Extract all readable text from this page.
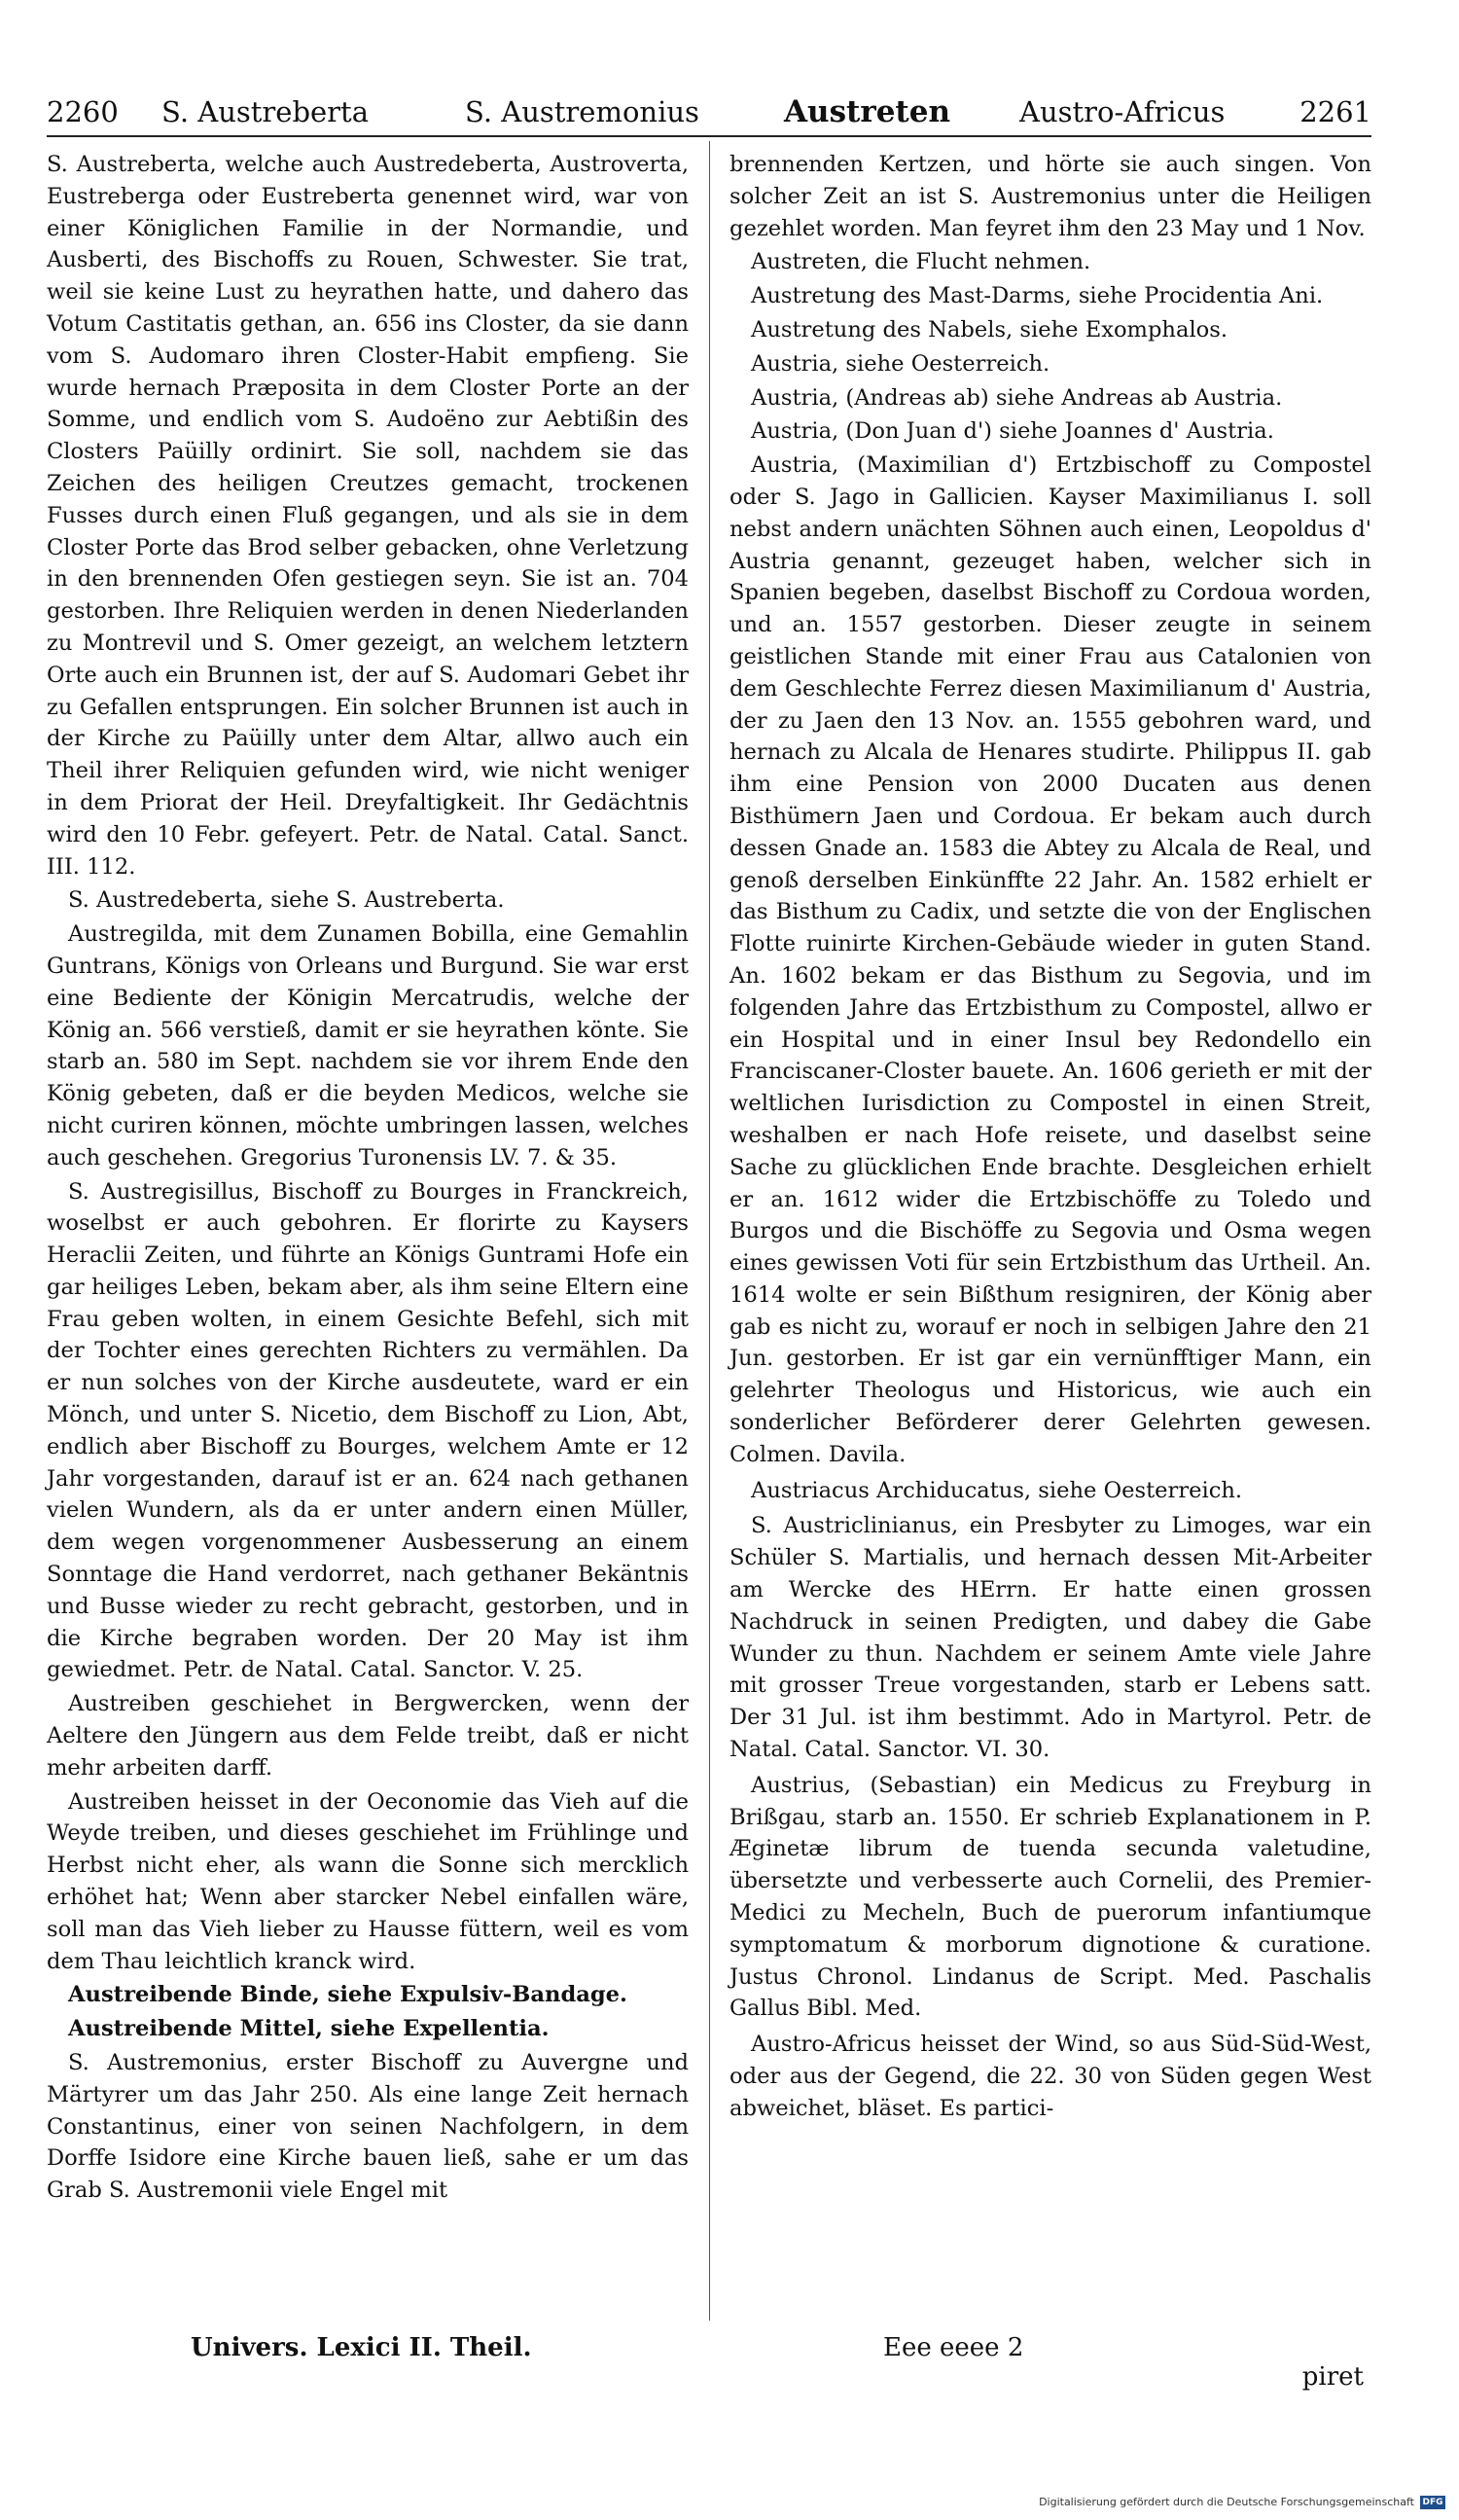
2260 S. Austreberta	S. Austremonius	Austreten Austro-Africus	2261

S. Austreberta, welche auch Austredeberta, Austroverta, Eustreberga oder Eustreberta genennet wird, war von einer Königlichen Familie in der Normandie, und Ausberti, des Bischoffs zu Rouen, Schwester. Sie trat, weil sie keine Lust zu heyrathen hatte, und dahero das Votum Castitatis gethan, an. 656 ins Closter, da sie dann vom S. Audomaro ihren Closter-Habit empfieng. Sie wurde hernach Præposita in dem Closter Porte an der Somme, und endlich vom S. Audoëno zur Aebtißin des Closters Paüilly ordinirt. Sie soll, nachdem sie das Zeichen des heiligen Creutzes gemacht, trockenen Fusses durch einen Fluß gegangen, und als sie in dem Closter Porte das Brod selber gebacken, ohne Verletzung in den brennenden Ofen gestiegen seyn. Sie ist an. 704 gestorben. Ihre Reliquien werden in denen Niederlanden zu Montrevil und S. Omer gezeigt, an welchem letztern Orte auch ein Brunnen ist, der auf S. Audomari Gebet ihr zu Gefallen entsprungen. Ein solcher Brunnen ist auch in der Kirche zu Paüilly unter dem Altar, allwo auch ein Theil ihrer Reliquien gefunden wird, wie nicht weniger in dem Priorat der Heil. Dreyfaltigkeit. Ihr Gedächtnis wird den 10 Febr. gefeyert. Petr. de Natal. Catal. Sanct. III. 112.

S. Austredeberta, siehe S. Austreberta.

Austregilda, mit dem Zunamen Bobilla, eine Gemahlin Guntrans, Königs von Orleans und Burgund. Sie war erst eine Bediente der Königin Mercatrudis, welche der König an. 566 verstieß, damit er sie heyrathen könte. Sie starb an. 580 im Sept. nachdem sie vor ihrem Ende den König gebeten, daß er die beyden Medicos, welche sie nicht curiren können, möchte umbringen lassen, welches auch geschehen. Gregorius Turonensis LV. 7. & 35.

S. Austregisillus, Bischoff zu Bourges in Franckreich, woselbst er auch gebohren. Er florirte zu Kaysers Heraclii Zeiten, und führte an Königs Guntrami Hofe ein gar heiliges Leben, bekam aber, als ihm seine Eltern eine Frau geben wolten, in einem Gesichte Befehl, sich mit der Tochter eines gerechten Richters zu vermählen. Da er nun solches von der Kirche ausdeutete, ward er ein Mönch, und unter S. Nicetio, dem Bischoff zu Lion, Abt, endlich aber Bischoff zu Bourges, welchem Amte er 12 Jahr vorgestanden, darauf ist er an. 624 nach gethanen vielen Wundern, als da er unter andern einen Müller, dem wegen vorgenommener Ausbesserung an einem Sonntage die Hand verdorret, nach gethaner Bekäntnis und Busse wieder zu recht gebracht, gestorben, und in die Kirche begraben worden. Der 20 May ist ihm gewiedmet. Petr. de Natal. Catal. Sanctor. V. 25.

Austreiben geschiehet in Bergwercken, wenn der Aeltere den Jüngern aus dem Felde treibt, daß er nicht mehr arbeiten darff.

Austreiben heisset in der Oeconomie das Vieh auf die Weyde treiben, und dieses geschiehet im Frühlinge und Herbst nicht eher, als wann die Sonne sich mercklich erhöhet hat; Wenn aber starcker Nebel einfallen wäre, soll man das Vieh lieber zu Hausse füttern, weil es vom dem Thau leichtlich kranck wird.

Austreibende Binde, siehe Expulsiv-Bandage.

Austreibende Mittel, siehe Expellentia.

S. Austremonius, erster Bischoff zu Auvergne und Märtyrer um das Jahr 250. Als eine lange Zeit hernach Constantinus, einer von seinen Nachfolgern, in dem Dorffe Isidore eine Kirche bauen ließ, sahe er um das Grab S. Austremonii viele Engel mit

brennenden Kertzen, und hörte sie auch singen. Von solcher Zeit an ist S. Austremonius unter die Heiligen gezehlet worden. Man feyret ihm den 23 May und 1 Nov.

Austreten, die Flucht nehmen.

Austretung des Mast-Darms, siehe Procidentia Ani.

Austretung des Nabels, siehe Exomphalos.

Austria, siehe Oesterreich.

Austria, (Andreas ab) siehe Andreas ab Austria.

Austria, (Don Juan d') siehe Joannes d' Austria.

Austria, (Maximilian d') Ertzbischoff zu Compostel oder S. Jago in Gallicien. Kayser Maximilianus I. soll nebst andern unächten Söhnen auch einen, Leopoldus d' Austria genannt, gezeuget haben, welcher sich in Spanien begeben, daselbst Bischoff zu Cordoua worden, und an. 1557 gestorben. Dieser zeugte in seinem geistlichen Stande mit einer Frau aus Catalonien von dem Geschlechte Ferrez diesen Maximilianum d' Austria, der zu Jaen den 13 Nov. an. 1555 gebohren ward, und hernach zu Alcala de Henares studirte. Philippus II. gab ihm eine Pension von 2000 Ducaten aus denen Bisthümern Jaen und Cordoua. Er bekam auch durch dessen Gnade an. 1583 die Abtey zu Alcala de Real, und genoß derselben Einkünffte 22 Jahr. An. 1582 erhielt er das Bisthum zu Cadix, und setzte die von der Englischen Flotte ruinirte Kirchen-Gebäude wieder in guten Stand. An. 1602 bekam er das Bisthum zu Segovia, und im folgenden Jahre das Ertzbisthum zu Compostel, allwo er ein Hospital und in einer Insul bey Redondello ein Franciscaner-Closter bauete. An. 1606 gerieth er mit der weltlichen Iurisdiction zu Compostel in einen Streit, weshalben er nach Hofe reisete, und daselbst seine Sache zu glücklichen Ende brachte. Desgleichen erhielt er an. 1612 wider die Ertzbischöffe zu Toledo und Burgos und die Bischöffe zu Segovia und Osma wegen eines gewissen Voti für sein Ertzbisthum das Urtheil. An. 1614 wolte er sein Bißthum resigniren, der König aber gab es nicht zu, worauf er noch in selbigen Jahre den 21 Jun. gestorben. Er ist gar ein vernünfftiger Mann, ein gelehrter Theologus und Historicus, wie auch ein sonderlicher Beförderer derer Gelehrten gewesen. Colmen. Davila.

Austriacus Archiducatus, siehe Oesterreich.

S. Austriclinianus, ein Presbyter zu Limoges, war ein Schüler S. Martialis, und hernach dessen Mit-Arbeiter am Wercke des HErrn. Er hatte einen grossen Nachdruck in seinen Predigten, und dabey die Gabe Wunder zu thun. Nachdem er seinem Amte viele Jahre mit grosser Treue vorgestanden, starb er Lebens satt. Der 31 Jul. ist ihm bestimmt. Ado in Martyrol. Petr. de Natal. Catal. Sanctor. VI. 30.

Austrius, (Sebastian) ein Medicus zu Freyburg in Brißgau, starb an. 1550. Er schrieb Explanationem in P. Æginetæ librum de tuenda secunda valetudine, übersetzte und verbesserte auch Cornelii, des Premier-Medici zu Mecheln, Buch de puerorum infantiumque symptomatum & morborum dignotione & curatione. Justus Chronol. Lindanus de Script. Med. Paschalis Gallus Bibl. Med.

Austro-Africus heisset der Wind, so aus Süd-Süd-West, oder aus der Gegend, die 22. 30 von Süden gegen West abweichet, bläset. Es partici-

Univers. Lexici II. Theil.	Eee eeee 2
piret
Digitalisierung gefördert durch die Deutsche Forschungsgemeinschaft DFG
